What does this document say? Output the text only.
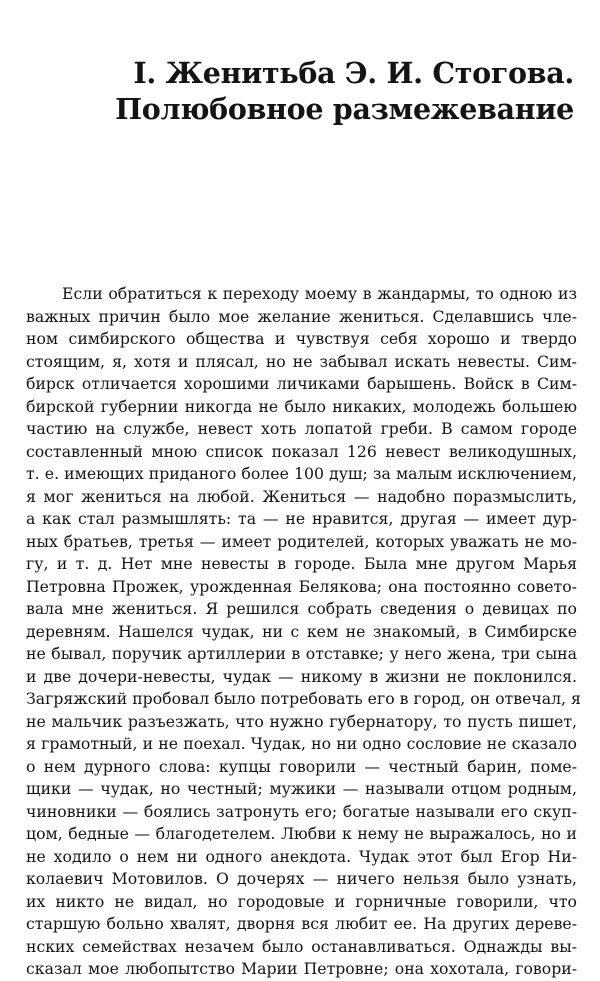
I. Женитьба Э. И. Стогова.
Полюбовное размежевание
Если обратиться к переходу моему в жандармы, то одною из
важных причин было мое желание жениться. Сделавшись чле-
ном симбирского общества и чувствуя себя хорошо и твердо
стоящим, я, хотя и плясал, но не забывал искать невесты. Сим-
бирск отличается хорошими личиками барышень. Войск в Сим-
бирской губернии никогда не было никаких, молодежь большею
частию на службе, невест хоть лопатой греби. В самом городе
составленный мною список показал 126 невест великодушных,
т. е. имеющих приданого более 100 душ; за малым исключением,
я мог жениться на любой. Жениться — надобно поразмыслить,
а как стал размышлять: та — не нравится, другая — имеет дур-
ных братьев, третья — имеет родителей, которых уважать не мо-
гу, и т. д. Нет мне невесты в городе. Была мне другом Марья
Петровна Прожек, урожденная Белякова; она постоянно совето-
вала мне жениться. Я решился собрать сведения о девицах по
деревням. Нашелся чудак, ни с кем не знакомый, в Симбирске
не бывал, поручик артиллерии в отставке; у него жена, три сына
и две дочери-невесты, чудак — никому в жизни не поклонился.
Загряжский пробовал было потребовать его в город, он отвечал, я
не мальчик разъезжать, что нужно губернатору, то пусть пишет,
я грамотный, и не поехал. Чудак, но ни одно сословие не сказало
о нем дурного слова: купцы говорили — честный барин, поме-
щики — чудак, но честный; мужики — называли отцом родным,
чиновники — боялись затронуть его; богатые называли его скуп-
цом, бедные — благодетелем. Любви к нему не выражалось, но и
не ходило о нем ни одного анекдота. Чудак этот был Егор Ни-
колаевич Мотовилов. О дочерях — ничего нельзя было узнать,
их никто не видал, но городовые и горничные говорили, что
старшую больно хвалят, дворня вся любит ее. На других дереве-
нских семействах незачем было останавливаться. Однажды вы-
сказал мое любопытство Марии Петровне; она хохотала, говори-
